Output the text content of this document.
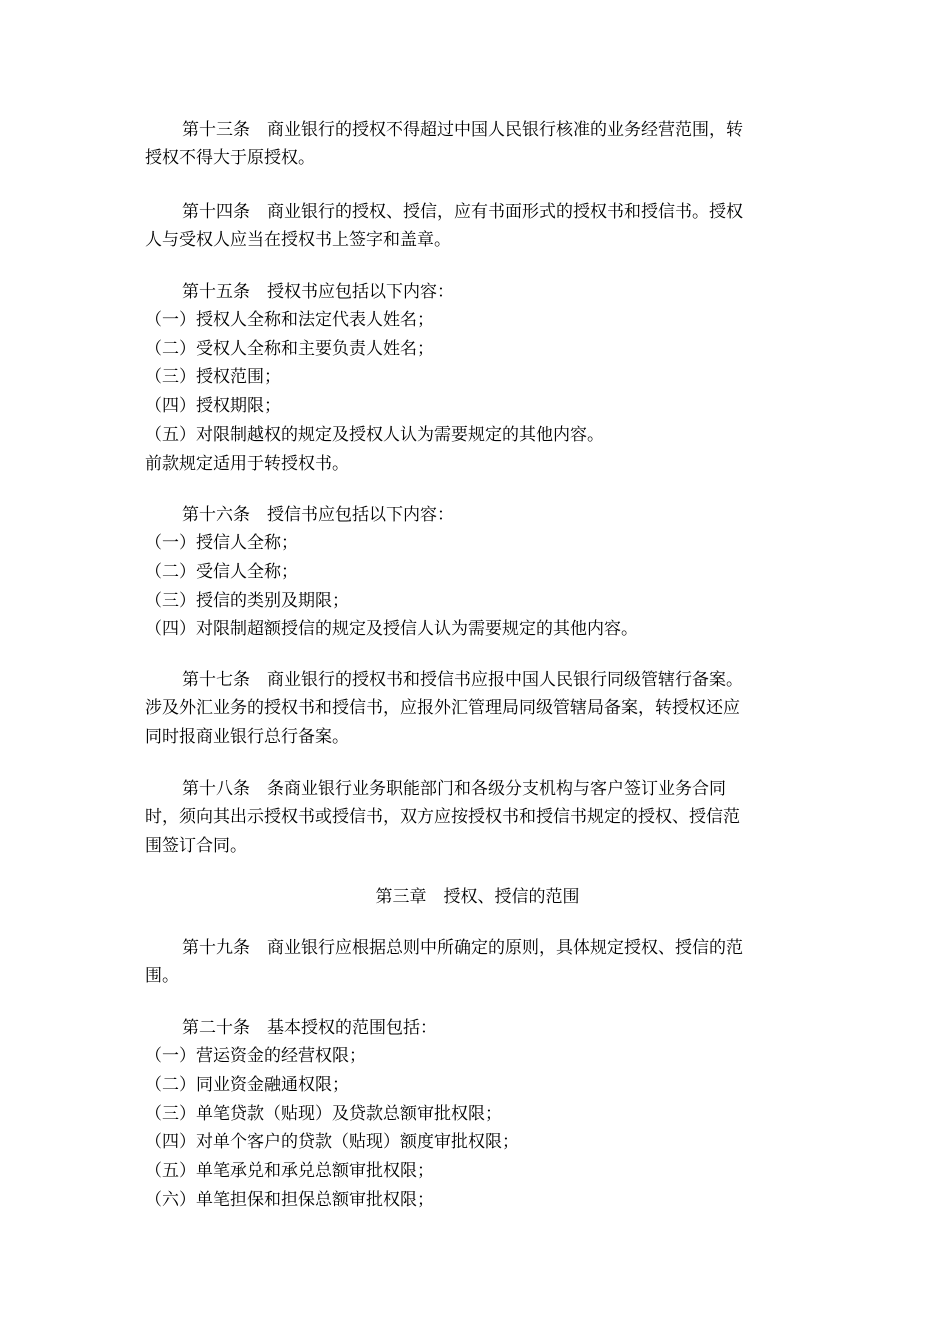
第十三条　商业银行的授权不得超过中国人民银行核准的业务经营范围，转
授权不得大于原授权。
第十四条　商业银行的授权、授信，应有书面形式的授权书和授信书。授权
人与受权人应当在授权书上签字和盖章。
第十五条　授权书应包括以下内容：
（一）授权人全称和法定代表人姓名；
（二）受权人全称和主要负责人姓名；
（三）授权范围；
（四）授权期限；
（五）对限制越权的规定及授权人认为需要规定的其他内容。
前款规定适用于转授权书。
第十六条　授信书应包括以下内容：
（一）授信人全称；
（二）受信人全称；
（三）授信的类别及期限；
（四）对限制超额授信的规定及授信人认为需要规定的其他内容。
第十七条　商业银行的授权书和授信书应报中国人民银行同级管辖行备案。
涉及外汇业务的授权书和授信书，应报外汇管理局同级管辖局备案，转授权还应
同时报商业银行总行备案。
第十八条　条商业银行业务职能部门和各级分支机构与客户签订业务合同
时，须向其出示授权书或授信书，双方应按授权书和授信书规定的授权、授信范
围签订合同。
第三章　授权、授信的范围
第十九条　商业银行应根据总则中所确定的原则，具体规定授权、授信的范
围。
第二十条　基本授权的范围包括：
（一）营运资金的经营权限；
（二）同业资金融通权限；
（三）单笔贷款（贴现）及贷款总额审批权限；
（四）对单个客户的贷款（贴现）额度审批权限；
（五）单笔承兑和承兑总额审批权限；
（六）单笔担保和担保总额审批权限；
